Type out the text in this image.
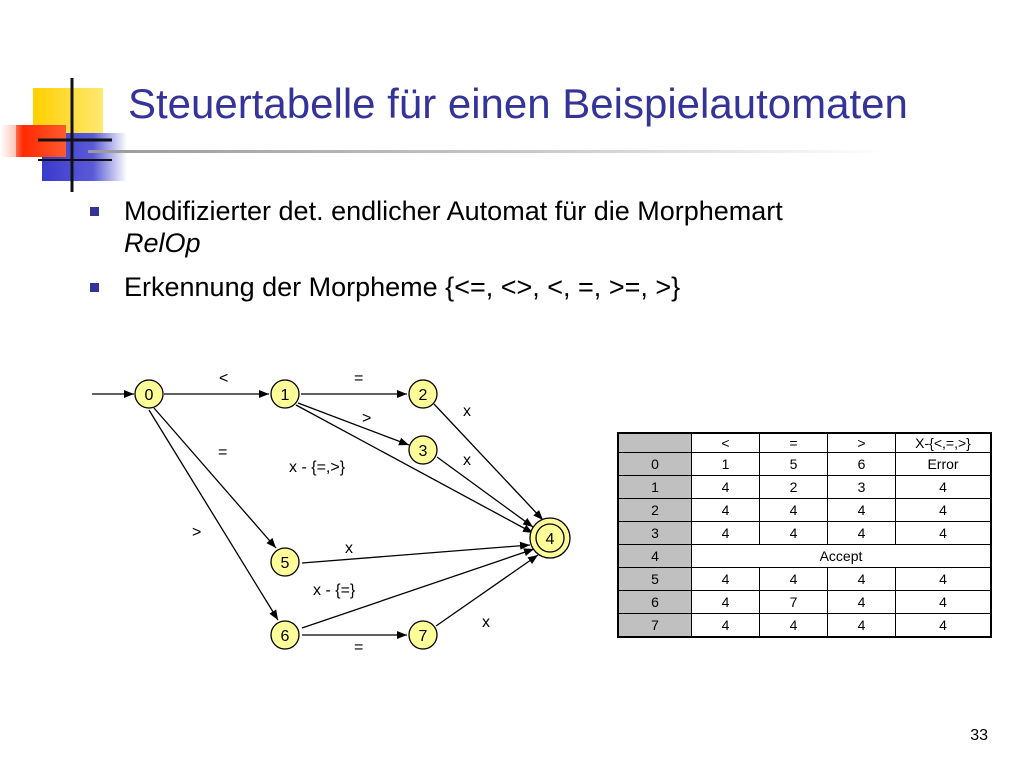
Steuertabelle für einen Beispielautomaten
Modifizierter det. endlicher Automat für die Morphemart
RelOp
Erkennung der Morpheme {<=, <>, <, =, >=, >}
<	=
>
=
>
x - {=,>}
x
x
x
x - {=}
=
x
0	1	2
3
4
5
6	7
	<	=	>	X-{<,=,>}
0	1	5	6	Error
1	4	2	3	4
2	4	4	4	4
3	4	4	4	4
4	Accept			
5	4	4	4	4
6	4	7	4	4
7	4	4	4	4
33
